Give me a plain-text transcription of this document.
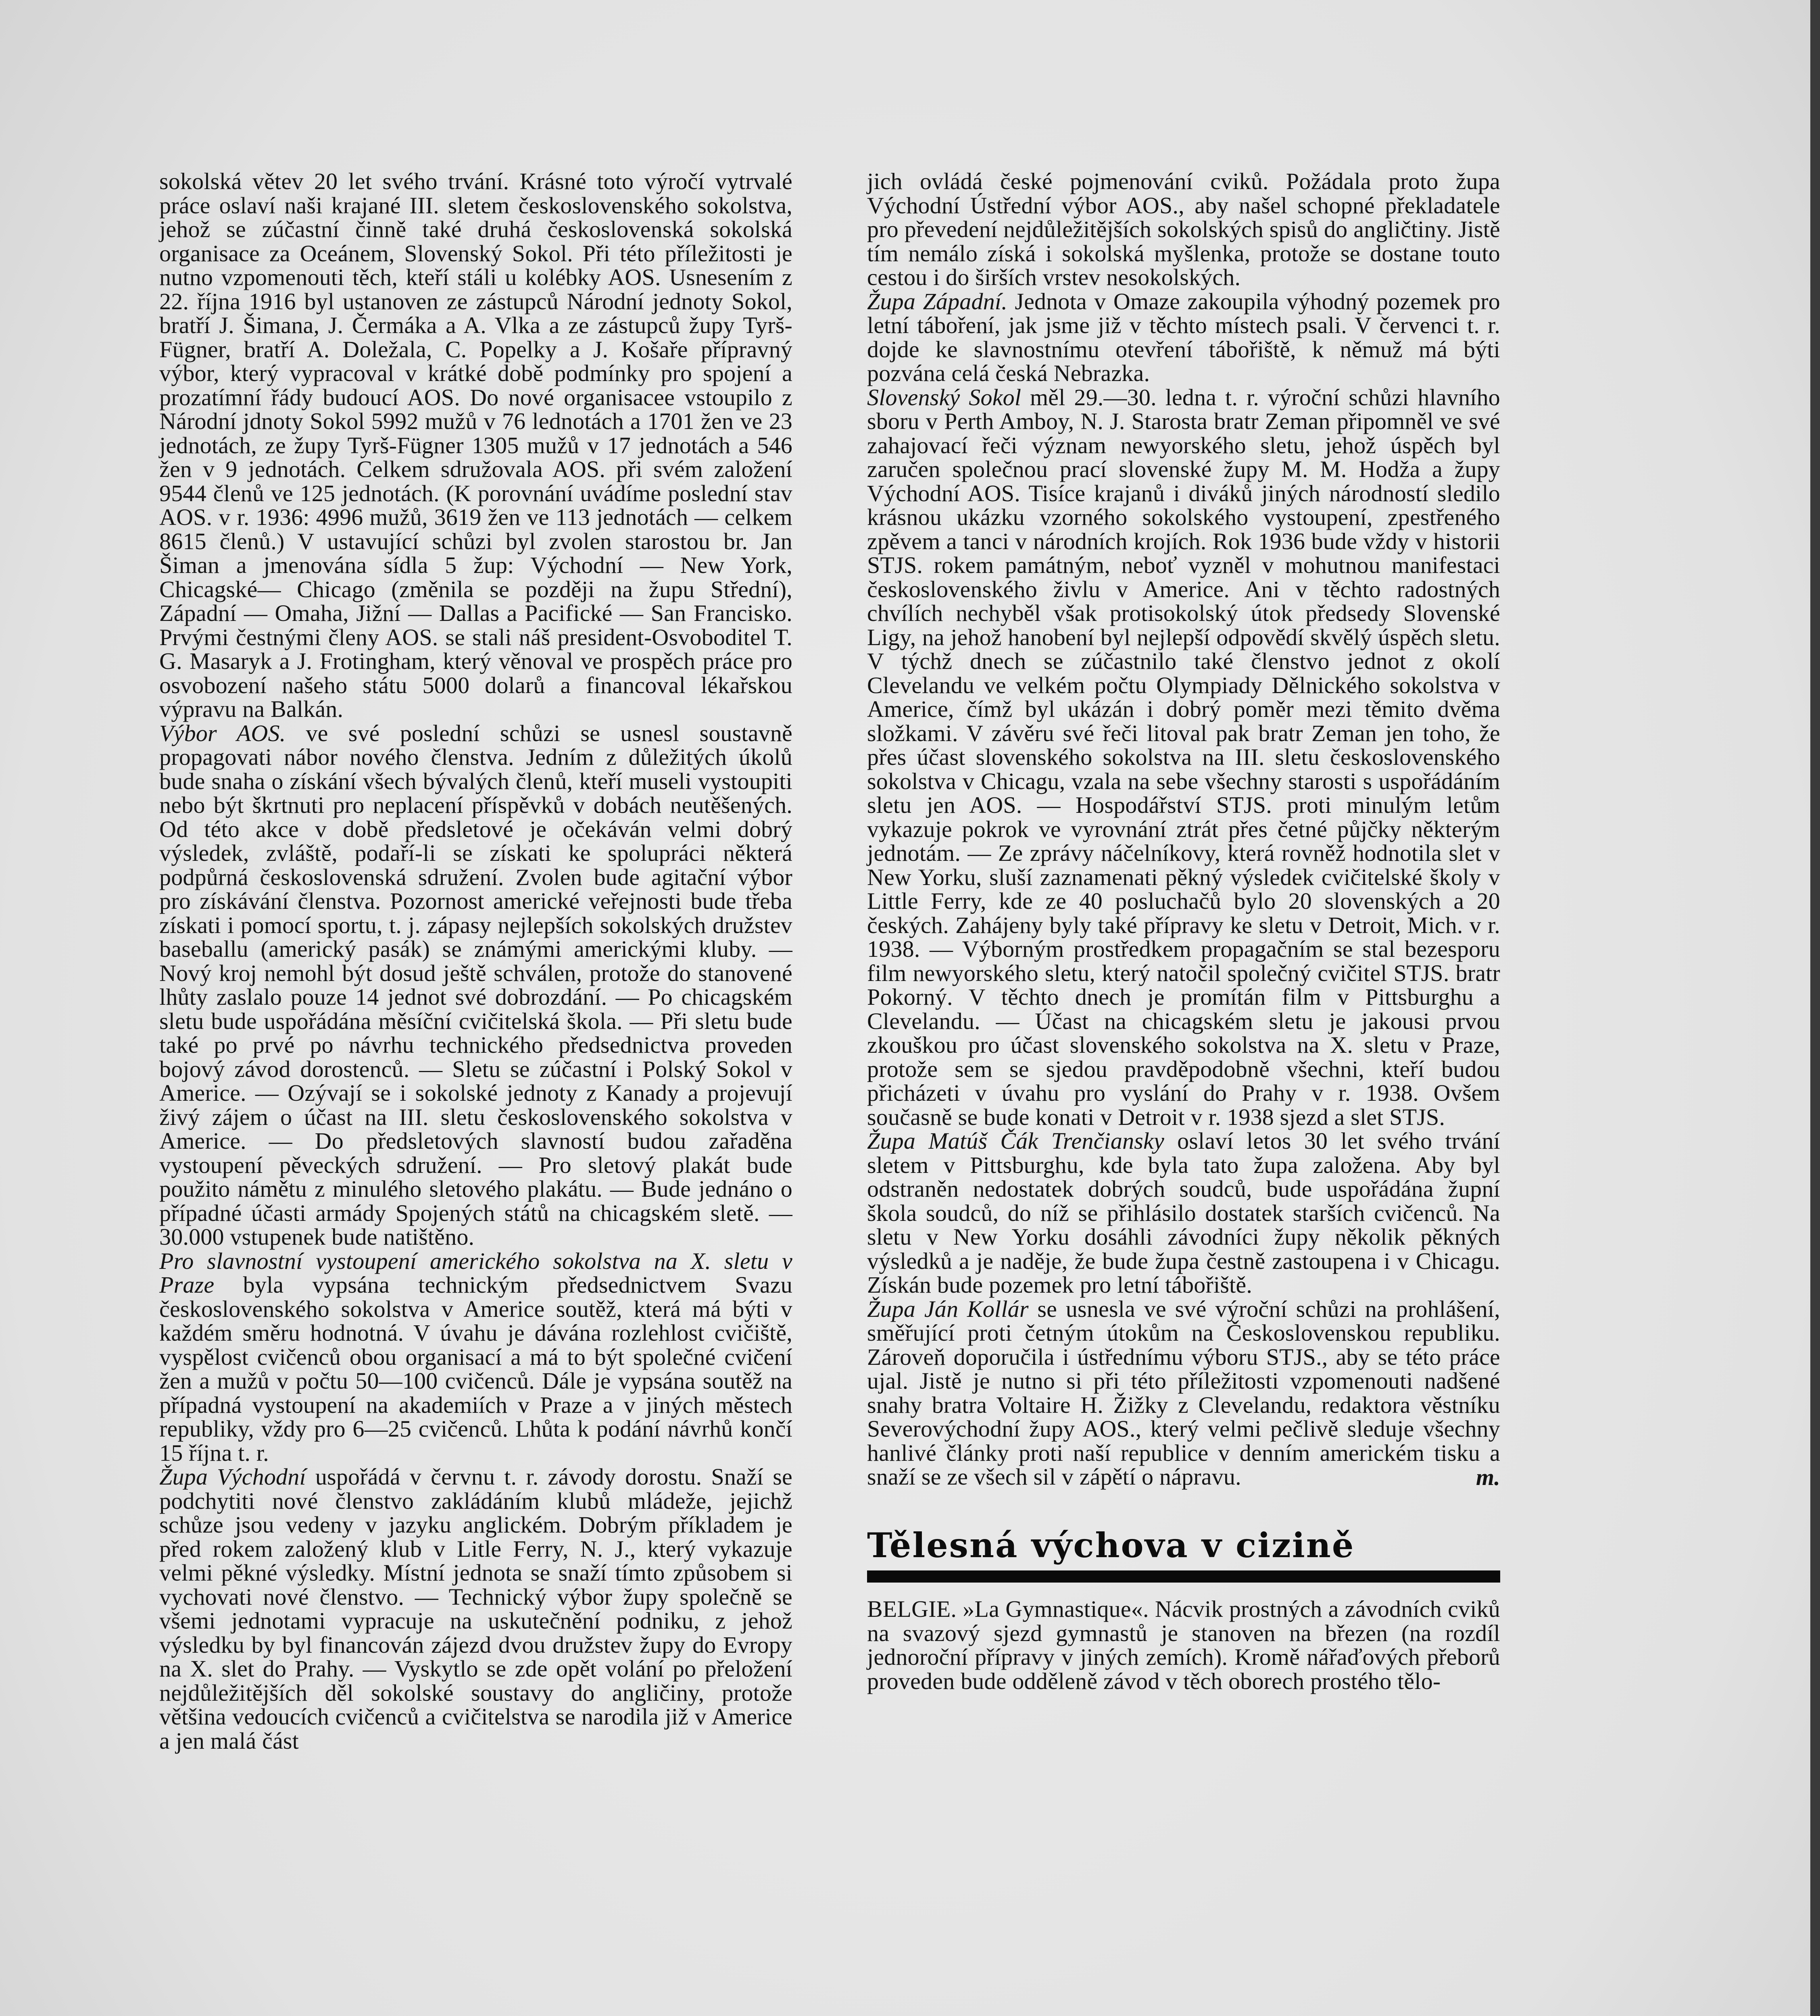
sokolská větev 20 let svého trvání. Krásné toto výročí vytrvalé práce oslaví naši krajané III. sletem československého sokolstva, jehož se zúčastní činně také druhá československá sokolská organisace za Oceánem, Slovenský Sokol. Při této příležitosti je nutno vzpomenouti těch, kteří stáli u kolébky AOS. Usnesením z 22. října 1916 byl ustanoven ze zástupců Národní jednoty Sokol, bratří J. Šimana, J. Čermáka a A. Vlka a ze zástupců župy Tyrš-Fügner, bratří A. Doležala, C. Popelky a J. Košaře přípravný výbor, který vypracoval v krátké době podmínky pro spojení a prozatímní řády budoucí AOS. Do nové organisacee vstoupilo z Národní jdnoty Sokol 5992 mužů v 76 lednotách a 1701 žen ve 23 jednotách, ze župy Tyrš-Fügner 1305 mužů v 17 jednotách a 546 žen v 9 jednotách. Celkem sdružovala AOS. při svém založení 9544 členů ve 125 jednotách. (K porovnání uvádíme poslední stav AOS. v r. 1936: 4996 mužů, 3619 žen ve 113 jednotách — celkem 8615 členů.) V ustavující schůzi byl zvolen starostou br. Jan Šiman a jmenována sídla 5 žup: Východní — New York, Chicagské— Chicago (změnila se později na župu Střední), Západní — Omaha, Jižní — Dallas a Pacifické — San Francisko. Prvými čestnými členy AOS. se stali náš president-Osvoboditel T. G. Masaryk a J. Frotingham, který věnoval ve prospěch práce pro osvobození našeho státu 5000 dolarů a financoval lékařskou výpravu na Balkán.

Výbor AOS. ve své poslední schůzi se usnesl soustavně propagovati nábor nového členstva. Jedním z důležitých úkolů bude snaha o získání všech bývalých členů, kteří museli vystoupiti nebo být škrtnuti pro neplacení příspěvků v dobách neutěšených. Od této akce v době předsletové je očekáván velmi dobrý výsledek, zvláště, podaří-li se získati ke spolupráci některá podpůrná československá sdružení. Zvolen bude agitační výbor pro získávání členstva. Pozornost americké veřejnosti bude třeba získati i pomocí sportu, t. j. zápasy nejlepších sokolských družstev baseballu (americký pasák) se známými americkými kluby. — Nový kroj nemohl být dosud ještě schválen, protože do stanovené lhůty zaslalo pouze 14 jednot své dobrozdání. — Po chicagském sletu bude uspořádána měsíční cvičitelská škola. — Při sletu bude také po prvé po návrhu technického předsednictva proveden bojový závod dorostenců. — Sletu se zúčastní i Polský Sokol v Americe. — Ozývají se i sokolské jednoty z Kanady a projevují živý zájem o účast na III. sletu československého sokolstva v Americe. — Do předsletových slavností budou zařaděna vystoupení pěveckých sdružení. — Pro sletový plakát bude použito námětu z minulého sletového plakátu. — Bude jednáno o případné účasti armády Spojených států na chicagském sletě. — 30.000 vstupenek bude natištěno.

Pro slavnostní vystoupení amerického sokolstva na X. sletu v Praze byla vypsána technickým předsednictvem Svazu československého sokolstva v Americe soutěž, která má býti v každém směru hodnotná. V úvahu je dávána rozlehlost cvičiště, vyspělost cvičenců obou organisací a má to být společné cvičení žen a mužů v počtu 50—100 cvičenců. Dále je vypsána soutěž na případná vystoupení na akademiích v Praze a v jiných městech republiky, vždy pro 6—25 cvičenců. Lhůta k podání návrhů končí 15 října t. r.

Župa Východní uspořádá v červnu t. r. závody dorostu. Snaží se podchytiti nové členstvo zakládáním klubů mládeže, jejichž schůze jsou vedeny v jazyku anglickém. Dobrým příkladem je před rokem založený klub v Litle Ferry, N. J., který vykazuje velmi pěkné výsledky. Místní jednota se snaží tímto způsobem si vychovati nové členstvo. — Technický výbor župy společně se všemi jednotami vypracuje na uskutečnění podniku, z jehož výsledku by byl financován zájezd dvou družstev župy do Evropy na X. slet do Prahy. — Vyskytlo se zde opět volání po přeložení nejdůležitějších děl sokolské soustavy do angličiny, protože většina vedoucích cvičenců a cvičitelstva se narodila již v Americe a jen malá část

jich ovládá české pojmenování cviků. Požádala proto župa Východní Ústřední výbor AOS., aby našel schopné překladatele pro převedení nejdůležitějších sokolských spisů do angličtiny. Jistě tím nemálo získá i sokolská myšlenka, protože se dostane touto cestou i do širších vrstev nesokolských.

Župa Západní. Jednota v Omaze zakoupila výhodný pozemek pro letní táboření, jak jsme již v těchto místech psali. V červenci t. r. dojde ke slavnostnímu otevření tábořiště, k němuž má býti pozvána celá česká Nebrazka.

Slovenský Sokol měl 29.—30. ledna t. r. výroční schůzi hlavního sboru v Perth Amboy, N. J. Starosta bratr Zeman připomněl ve své zahajovací řeči význam newyorského sletu, jehož úspěch byl zaručen společnou prací slovenské župy M. M. Hodža a župy Východní AOS. Tisíce krajanů i diváků jiných národností sledilo krásnou ukázku vzorného sokolského vystoupení, zpestřeného zpěvem a tanci v národních krojích. Rok 1936 bude vždy v historii STJS. rokem památným, neboť vyzněl v mohutnou manifestaci československého živlu v Americe. Ani v těchto radostných chvílích nechyběl však protisokolský útok předsedy Slovenské Ligy, na jehož hanobení byl nejlepší odpovědí skvělý úspěch sletu. V týchž dnech se zúčastnilo také členstvo jednot z okolí Clevelandu ve velkém počtu Olympiady Dělnického sokolstva v Americe, čímž byl ukázán i dobrý poměr mezi těmito dvěma složkami. V závěru své řeči litoval pak bratr Zeman jen toho, že přes účast slovenského sokolstva na III. sletu československého sokolstva v Chicagu, vzala na sebe všechny starosti s uspořádáním sletu jen AOS. — Hospodářství STJS. proti minulým letům vykazuje pokrok ve vyrovnání ztrát přes četné půjčky některým jednotám. — Ze zprávy náčelníkovy, která rovněž hodnotila slet v New Yorku, sluší zaznamenati pěkný výsledek cvičitelské školy v Little Ferry, kde ze 40 posluchačů bylo 20 slovenských a 20 českých. Zahájeny byly také přípravy ke sletu v Detroit, Mich. v r. 1938. — Výborným prostředkem propagačním se stal bezesporu film newyorského sletu, který natočil společný cvičitel STJS. bratr Pokorný. V těchto dnech je promítán film v Pittsburghu a Clevelandu. — Účast na chicagském sletu je jakousi prvou zkouškou pro účast slovenského sokolstva na X. sletu v Praze, protože sem se sjedou pravděpodobně všechni, kteří budou přicházeti v úvahu pro vyslání do Prahy v r. 1938. Ovšem současně se bude konati v Detroit v r. 1938 sjezd a slet STJS.

Župa Matúš Čák Trenčiansky oslaví letos 30 let svého trvání sletem v Pittsburghu, kde byla tato župa založena. Aby byl odstraněn nedostatek dobrých soudců, bude uspořádána župní škola soudců, do níž se přihlásilo dostatek starších cvičenců. Na sletu v New Yorku dosáhli závodníci župy několik pěkných výsledků a je naděje, že bude župa čestně zastoupena i v Chicagu. Získán bude pozemek pro letní tábořiště.

Župa Ján Kollár se usnesla ve své výroční schůzi na prohlášení, směřující proti četným útokům na Československou republiku. Zároveň doporučila i ústřednímu výboru STJS., aby se této práce ujal. Jistě je nutno si při této příležitosti vzpomenouti nadšené snahy bratra Voltaire H. Žižky z Clevelandu, redaktora věstníku Severovýchodní župy AOS., který velmi pečlivě sleduje všechny hanlivé články proti naší republice v denním americkém tisku a snaží se ze všech sil v zápětí o nápravu.	m.
Tělesná výchova v cizině

BELGIE. »La Gymnastique«. Nácvik prostných a závodních cviků na svazový sjezd gymnastů je stanoven na březen (na rozdíl jednoroční přípravy v jiných zemích). Kromě nářaďových přeborů proveden bude odděleně závod v těch oborech prostého tělo-
